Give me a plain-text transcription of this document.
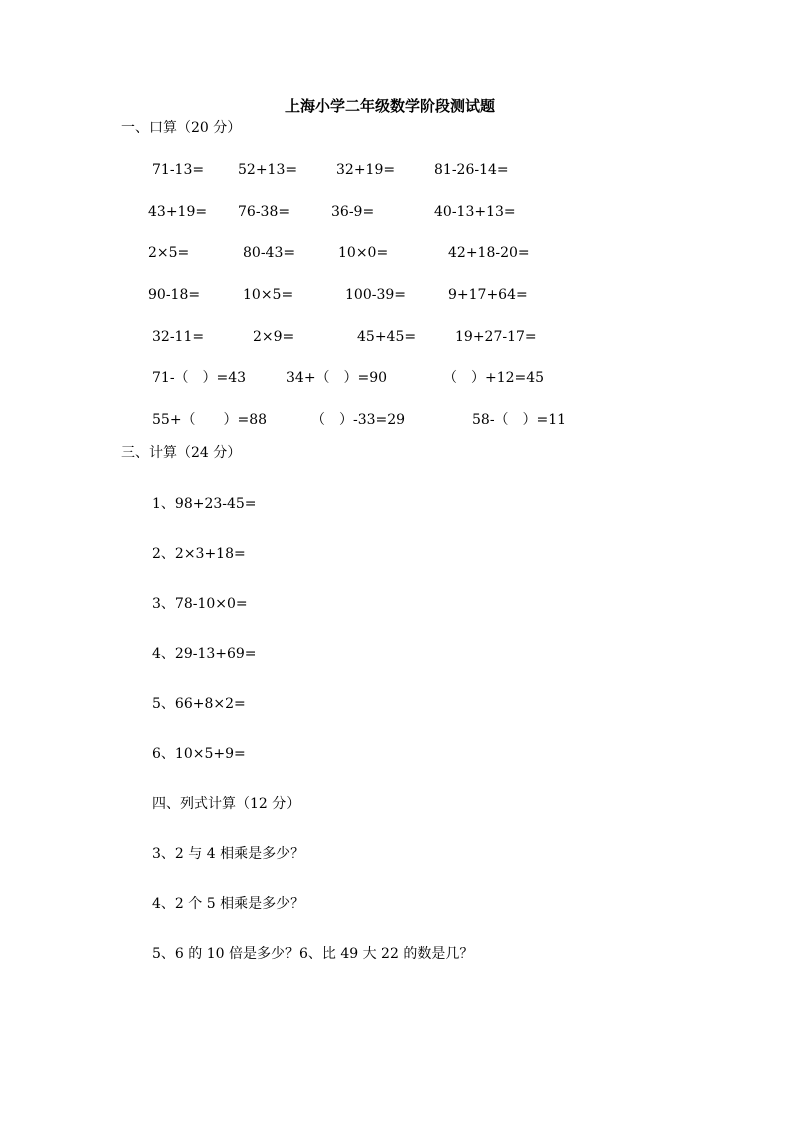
上海小学二年级数学阶段测试题
一、口算（20 分）
71-13= 52+13=	32+19=	81-26-14=
43+19= 76-38=	36-9=	40-13+13=
2×5=	80-43=	10×0=	42+18-20=
90-18=	10×5=	100-39=	9+17+64=
32-11=	2×9=	45+45=	19+27-17=
71-（　）=43	34+（　）=90	（　）+12=45
55+（　　）=88	（　）-33=29	58-（　）=11
三、计算（24 分）
1、98+23-45=
2、2×3+18=
3、78-10×0=
4、29-13+69=
5、66+8×2=
6、10×5+9=
四、列式计算（12 分）
3、2 与 4 相乘是多少？
4、2 个 5 相乘是多少？
5、6 的 10 倍是多少？6、比 49 大 22 的数是几？
